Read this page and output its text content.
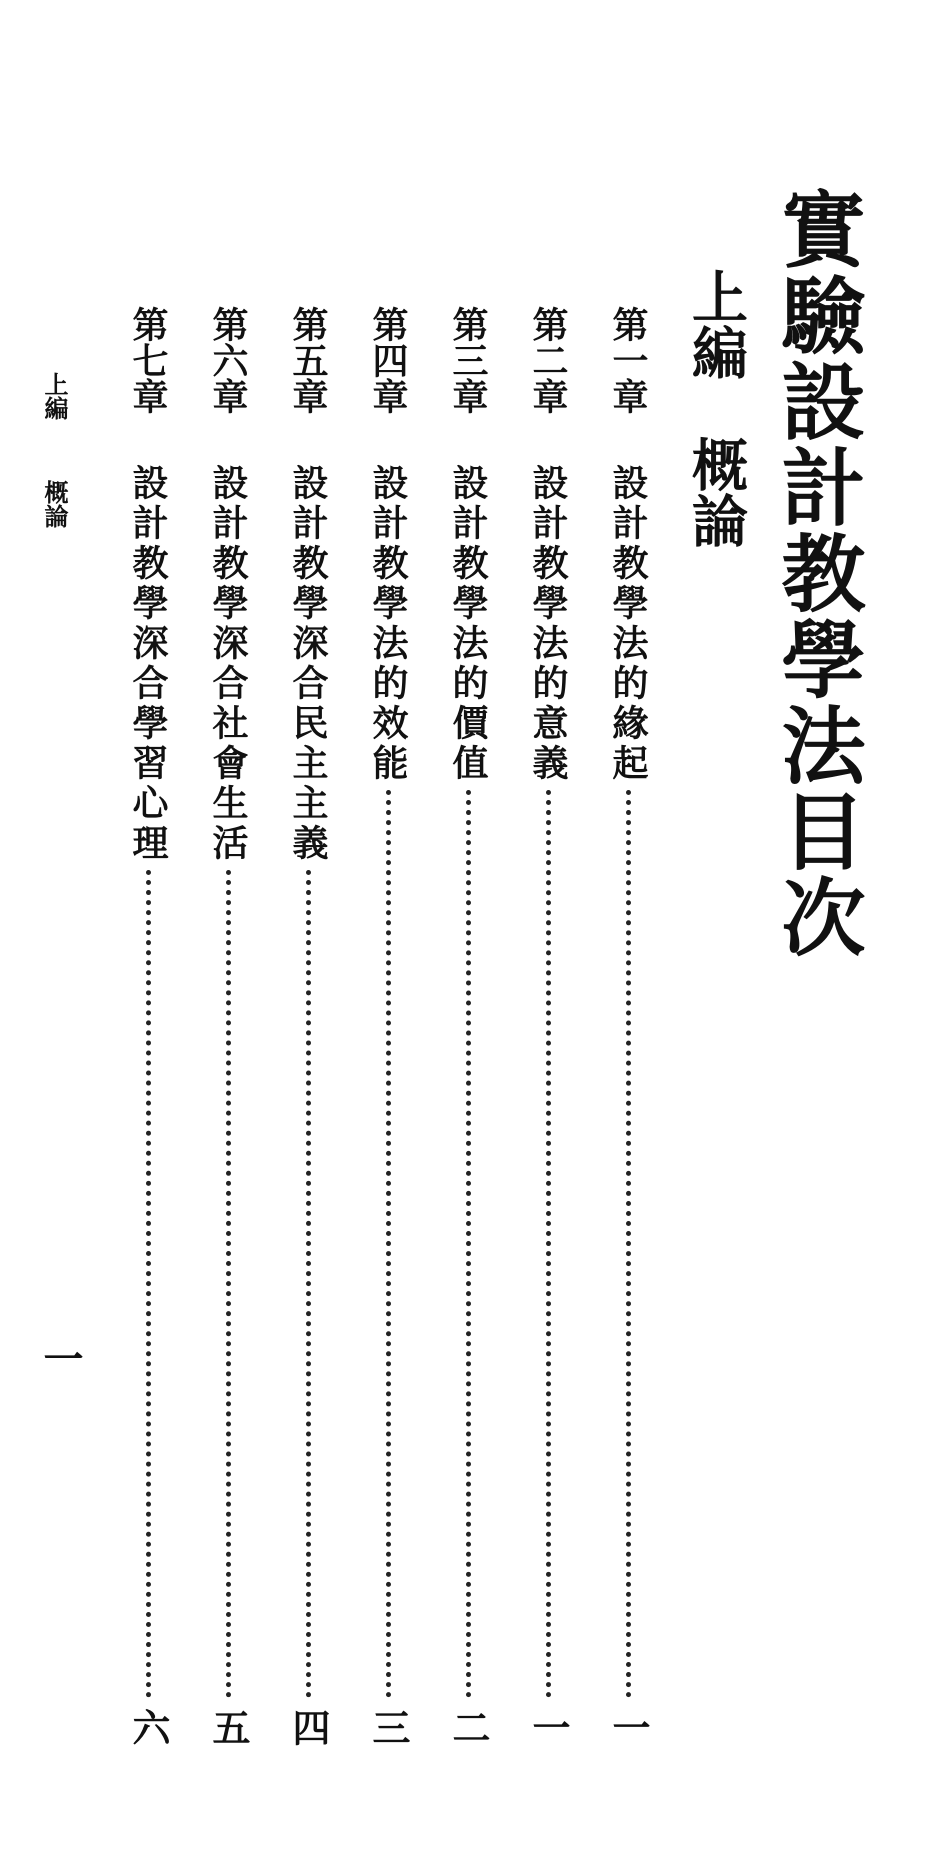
實驗設計教學法目次
上編概論
第一章
設計教學法的緣起
一
第二章
設計教學法的意義
一
第三章
設計教學法的價值
二
第四章
設計教學法的效能
三
第五章
設計教學深合民主主義
四
第六章
設計教學深合社會生活
五
第七章
設計教學深合學習心理
六
上編概論
一
